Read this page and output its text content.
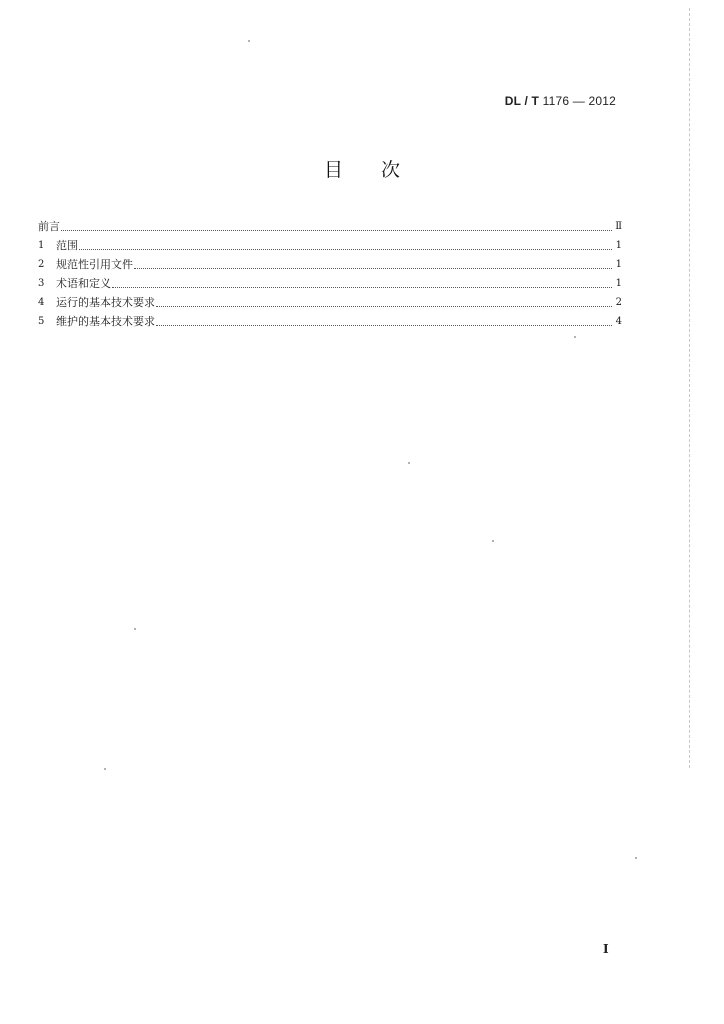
DL / T 1176 — 2012
目次
前言	Ⅱ
1	范围	1
2	规范性引用文件	1
3	术语和定义	1
4	运行的基本技术要求	2
5	维护的基本技术要求	4
I
